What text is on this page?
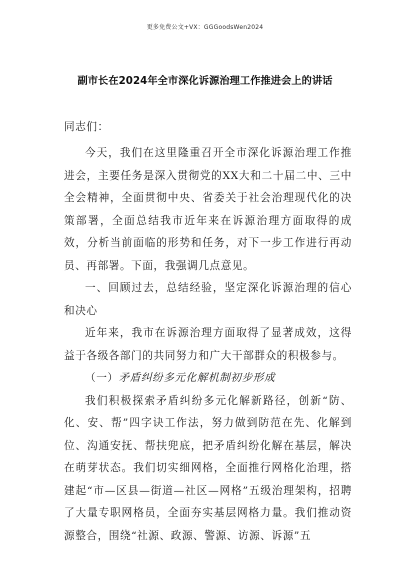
更多免费公文+VX：GGGoodsWen2024
副市长在2024年全市深化诉源治理工作推进会上的讲话

同志们：

今天，我们在这里隆重召开全市深化诉源治理工作推进会，主要任务是深入贯彻党的XX大和二十届二中、三中全会精神，全面贯彻中央、省委关于社会治理现代化的决策部署，全面总结我市近年来在诉源治理方面取得的成效，分析当前面临的形势和任务，对下一步工作进行再动员、再部署。下面，我强调几点意见。

一、回顾过去，总结经验，坚定深化诉源治理的信心和决心

近年来，我市在诉源治理方面取得了显著成效，这得益于各级各部门的共同努力和广大干部群众的积极参与。

（一）矛盾纠纷多元化解机制初步形成

我们积极探索矛盾纠纷多元化解新路径，创新“防、化、安、帮”四字诀工作法，努力做到防范在先、化解到位、沟通安抚、帮扶兜底，把矛盾纠纷化解在基层，解决在萌芽状态。我们切实细网格，全面推行网格化治理，搭建起“市—区县—街道—社区—网格”五级治理架构，招聘了大量专职网格员，全面夯实基层网格力量。我们推动资源整合，围绕“社源、政源、警源、访源、诉源”五
